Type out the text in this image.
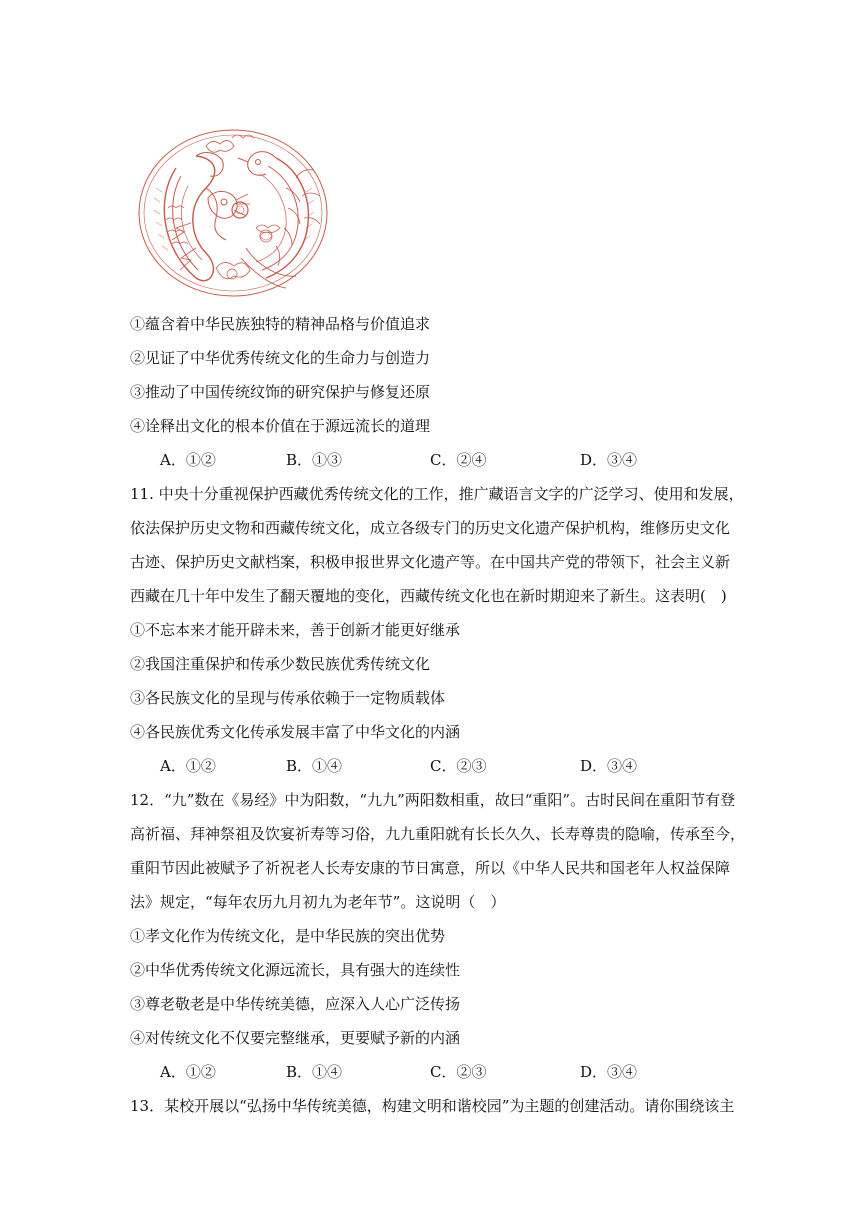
①蕴含着中华民族独特的精神品格与价值追求
②见证了中华优秀传统文化的生命力与创造力
③推动了中国传统纹饰的研究保护与修复还原
④诠释出文化的根本价值在于源远流长的道理
A．①②	B．①③	C．②④	D．③④
11. 中央十分重视保护西藏优秀传统文化的工作，推广藏语言文字的广泛学习、使用和发展，
依法保护历史文物和西藏传统文化，成立各级专门的历史文化遗产保护机构，维修历史文化
古迹、保护历史文献档案，积极申报世界文化遗产等。在中国共产党的带领下，社会主义新
西藏在几十年中发生了翻天覆地的变化，西藏传统文化也在新时期迎来了新生。这表明(　)
①不忘本来才能开辟未来，善于创新才能更好继承
②我国注重保护和传承少数民族优秀传统文化
③各民族文化的呈现与传承依赖于一定物质载体
④各民族优秀文化传承发展丰富了中华文化的内涵
A．①②	B．①④	C．②③	D．③④
12．“九”数在《易经》中为阳数，“九九”两阳数相重，故曰“重阳”。古时民间在重阳节有登
高祈福、拜神祭祖及饮宴祈寿等习俗，九九重阳就有长长久久、长寿尊贵的隐喻，传承至今，
重阳节因此被赋予了祈祝老人长寿安康的节日寓意，所以《中华人民共和国老年人权益保障
法》规定，“每年农历九月初九为老年节”。这说明（　）
①孝文化作为传统文化，是中华民族的突出优势
②中华优秀传统文化源远流长，具有强大的连续性
③尊老敬老是中华传统美德，应深入人心广泛传扬
④对传统文化不仅要完整继承，更要赋予新的内涵
A．①②	B．①④	C．②③	D．③④
13．某校开展以“弘扬中华传统美德，构建文明和谐校园”为主题的创建活动。请你围绕该主
